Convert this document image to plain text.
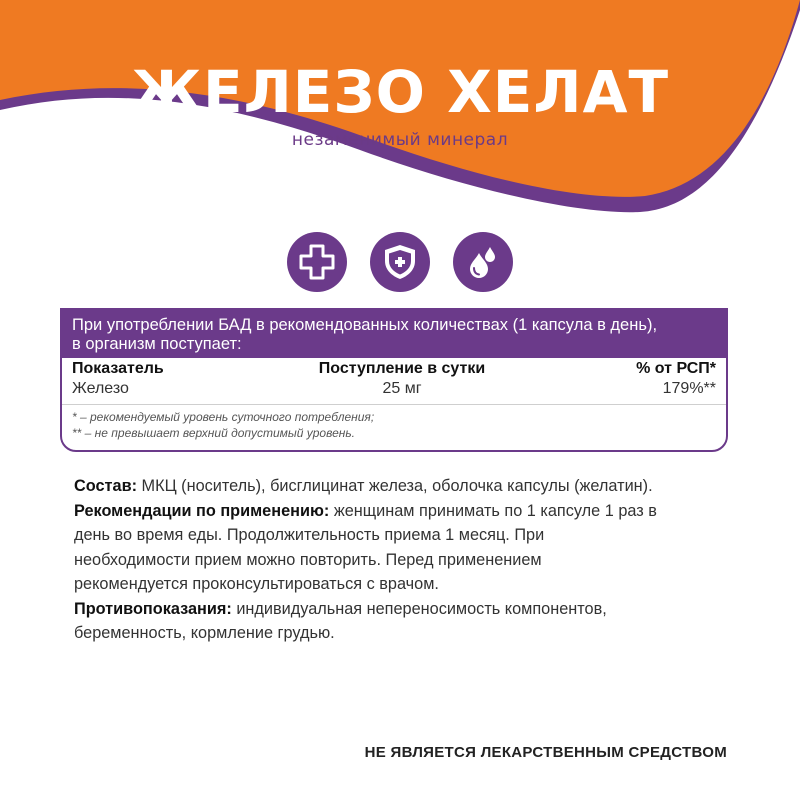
ЖЕЛЕЗО ХЕЛАТ
незаменимый минерал
При употреблении БАД в рекомендованных количествах (1 капсула в день),
в организм поступает:
Показатель	Поступление в сутки	% от РСП*
Железо	25 мг	179%**
* – рекомендуемый уровень суточного потребления;
** – не превышает верхний допустимый уровень.
Состав: МКЦ (носитель), бисглицинат железа, оболочка капсулы (желатин).
Рекомендации по применению: женщинам принимать по 1 капсуле 1 раз в
день во время еды. Продолжительность приема 1 месяц. При
необходимости прием можно повторить. Перед применением
рекомендуется проконсультироваться с врачом.
Противопоказания: индивидуальная непереносимость компонентов,
беременность, кормление грудью.
НЕ ЯВЛЯЕТСЯ ЛЕКАРСТВЕННЫМ СРЕДСТВОМ
